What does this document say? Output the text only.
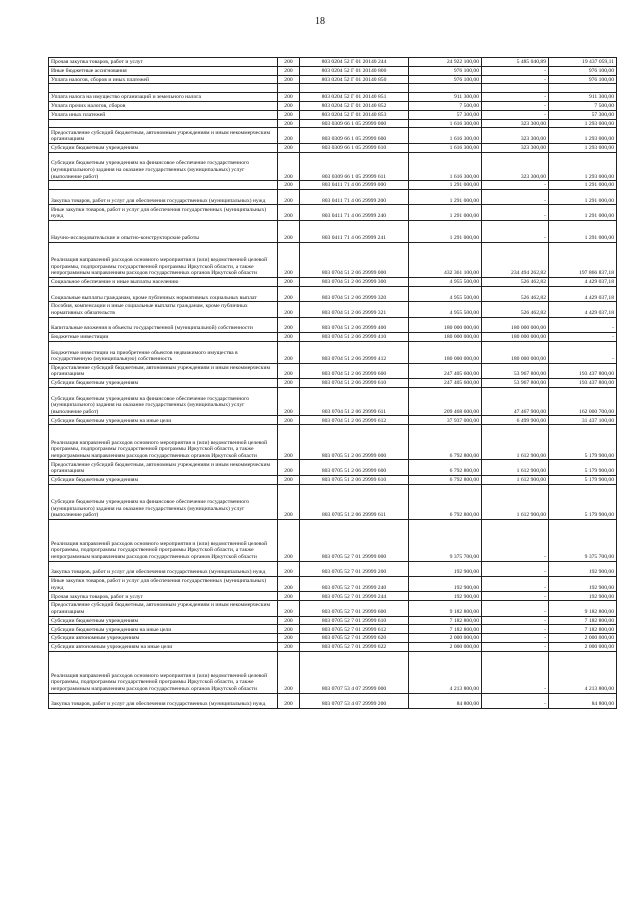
18
Прочая закупка товаров, работ и услуг	200	803 0204 52 Г 01 20140 244	24 922 100,00	5 485 040,89	19 437 059,11
Иные бюджетные ассигнования	200	803 0204 52 Г 01 20140 800	976 100,00	-	976 100,00
Уплата налогов, сборов и иных платежей	200	803 0204 52 Г 01 20140 850	976 100,00	-	976 100,00

Уплата налога на имущество организаций и земельного налога	200	803 0204 52 Г 01 20140 851	911 300,00	-	911 300,00
Уплата прочих налогов, сборов	200	803 0204 52 Г 01 20140 852	7 500,00	-	7 500,00
Уплата иных платежей	200	803 0204 52 Г 01 20140 853	57 300,00	-	57 300,00
	200	803 0309 66 1 05 29999 000	1 616 300,00	323 300,00	1 293 000,00
Предоставление субсидий бюджетным, автономным учреждениям и иным некоммерческим организациям	200	803 0309 66 1 05 29999 600	1 616 300,00	323 300,00	1 293 000,00
Субсидии бюджетным учреждениям	200	803 0309 66 1 05 29999 610	1 616 300,00	323 300,00	1 293 000,00
Субсидии бюджетным учреждениям на финансовое обеспечение государственного (муниципального) задания на оказание государственных (муниципальных) услуг (выполнение работ)	200	803 0309 66 1 05 29999 611	1 616 300,00	323 300,00	1 293 000,00
	200	803 0411 71 4 06 29999 000	1 291 000,00	-	1 291 000,00
Закупка товаров, работ и услуг для обеспечения государственных (муниципальных) нужд	200	803 0411 71 4 06 29999 200	1 291 000,00	-	1 291 000,00
Иные закупки товаров, работ и услуг для обеспечения государственных (муниципальных) нужд	200	803 0411 71 4 06 29999 240	1 291 000,00	-	1 291 000,00
Научно-исследовательские и опытно-конструкторские работы	200	803 0411 71 4 06 29999 241	1 291 000,00	-	1 291 000,00
Реализация направлений расходов основного мероприятия и (или) ведомственной целевой программы, подпрограммы государственной программы Иркутской области, а также непрограммным направлениям расходов государственных органов Иркутской области	200	803 0704 51 2 06 29999 000	432 361 100,00	234 494 262,82	197 866 837,18
Социальное обеспечение и иные выплаты населению	200	803 0704 51 2 06 29999 300	4 955 500,00	526 462,82	4 429 037,18
Социальные выплаты гражданам, кроме публичных нормативных социальных выплат	200	803 0704 51 2 06 29999 320	4 955 500,00	526 462,82	4 429 037,18
Пособия, компенсации и иные социальные выплаты гражданам, кроме публичных нормативных обязательств	200	803 0704 51 2 06 29999 321	4 955 500,00	526 462,82	4 429 037,18
Капитальные вложения в объекты государственной (муниципальной) собственности	200	803 0704 51 2 06 29999 400	180 000 000,00	180 000 000,00	-
Бюджетные инвестиции	200	803 0704 51 2 06 29999 410	180 000 000,00	180 000 000,00	-
Бюджетные инвестиции на приобретение объектов недвижимого имущества в государственную (муниципальную) собственность	200	803 0704 51 2 06 29999 412	180 000 000,00	180 000 000,00	-
Предоставление субсидий бюджетным, автономным учреждениям и иным некоммерческим организациям	200	803 0704 51 2 06 29999 600	247 405 600,00	53 967 800,00	193 437 800,00
Субсидии бюджетным учреждениям	200	803 0704 51 2 06 29999 610	247 405 600,00	53 967 800,00	193 437 800,00
Субсидии бюджетным учреждениям на финансовое обеспечение государственного (муниципального) задания на оказание государственных (муниципальных) услуг (выполнение работ)	200	803 0704 51 2 06 29999 611	209 468 600,00	47 467 900,00	162 000 700,00
Субсидии бюджетным учреждениям на иные цели	200	803 0704 51 2 06 29999 612	37 937 000,00	6 499 900,00	31 437 100,00
Реализация направлений расходов основного мероприятия и (или) ведомственной целевой программы, подпрограммы государственной программы Иркутской области, а также непрограммным направлениям расходов государственных органов Иркутской области	200	803 0705 51 2 06 29999 000	6 792 800,00	1 612 900,00	5 179 900,00
Предоставление субсидий бюджетным, автономным учреждениям и иным некоммерческим организациям	200	803 0705 51 2 06 29999 600	6 792 800,00	1 612 900,00	5 179 900,00
Субсидии бюджетным учреждениям	200	803 0705 51 2 06 29999 610	6 792 800,00	1 612 900,00	5 179 900,00
Субсидии бюджетным учреждениям на финансовое обеспечение государственного (муниципального) задания на оказание государственных (муниципальных) услуг (выполнение работ)	200	803 0705 51 2 06 29999 611	6 792 800,00	1 612 900,00	5 179 900,00
Реализация направлений расходов основного мероприятия и (или) ведомственной целевой программы, подпрограммы государственной программы Иркутской области, а также непрограммным направлениям расходов государственных органов Иркутской области	200	803 0705 52 7 01 29999 000	9 375 700,00	-	9 375 700,00
Закупка товаров, работ и услуг для обеспечения государственных (муниципальных) нужд	200	803 0705 52 7 01 29999 200	192 900,00	-	192 900,00
Иные закупки товаров, работ и услуг для обеспечения государственных (муниципальных) нужд	200	803 0705 52 7 01 29999 240	192 900,00	-	192 900,00
Прочая закупка товаров, работ и услуг	200	803 0705 52 7 01 29999 244	192 900,00	-	192 900,00
Предоставление субсидий бюджетным, автономным учреждениям и иным некоммерческим организациям	200	803 0705 52 7 01 29999 600	9 182 800,00	-	9 182 800,00
Субсидии бюджетным учреждениям	200	803 0705 52 7 01 29999 610	7 182 800,00	-	7 182 800,00
Субсидии бюджетным учреждениям на иные цели	200	803 0705 52 7 01 29999 612	7 182 800,00	-	7 182 800,00
Субсидии автономным учреждениям	200	803 0705 52 7 01 29999 620	2 000 000,00	-	2 000 000,00
Субсидии автономным учреждениям на иные цели	200	803 0705 52 7 01 29999 622	2 000 000,00	-	2 000 000,00
Реализация направлений расходов основного мероприятия и (или) ведомственной целевой программы, подпрограммы государственной программы Иркутской области, а также непрограммным направлениям расходов государственных органов Иркутской области	200	803 0707 53 4 07 29999 000	4 213 800,00	-	4 213 800,00
Закупка товаров, работ и услуг для обеспечения государственных (муниципальных) нужд	200	803 0707 53 4 07 29999 200	84 800,00	-	84 800,00
